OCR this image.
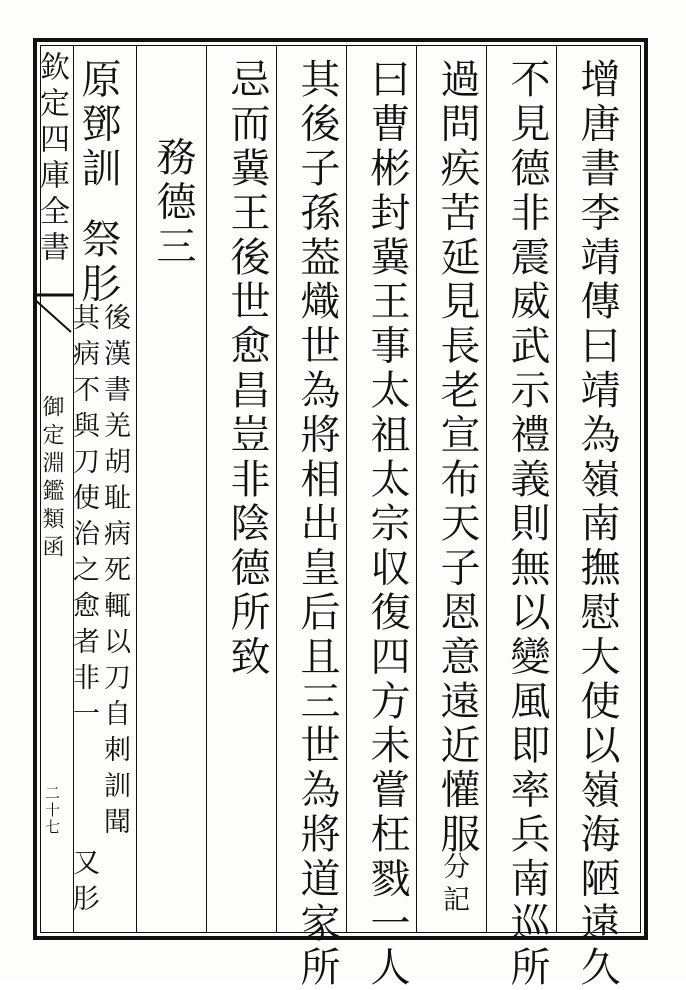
欽定四庫全書
御定淵鑑類函
二十七	增唐書李靖傳曰靖為嶺南撫慰大使以嶺海陋遠久
不見德非震威武示禮義則無以變風即率兵南巡所
過問疾苦延見長老宣布天子恩意遠近懽服
分記
曰曹彬封冀王事太祖太宗収復四方未嘗枉戮一人
其後子孫葢熾世為將相出皇后且三世為將道家所
忌而冀王後世愈昌豈非陰德所致
務德三
原鄧訓
祭肜
後漢書羌胡耻病死輒以刀自刺訓聞
其病不與刀使治之愈者非一
又肜
